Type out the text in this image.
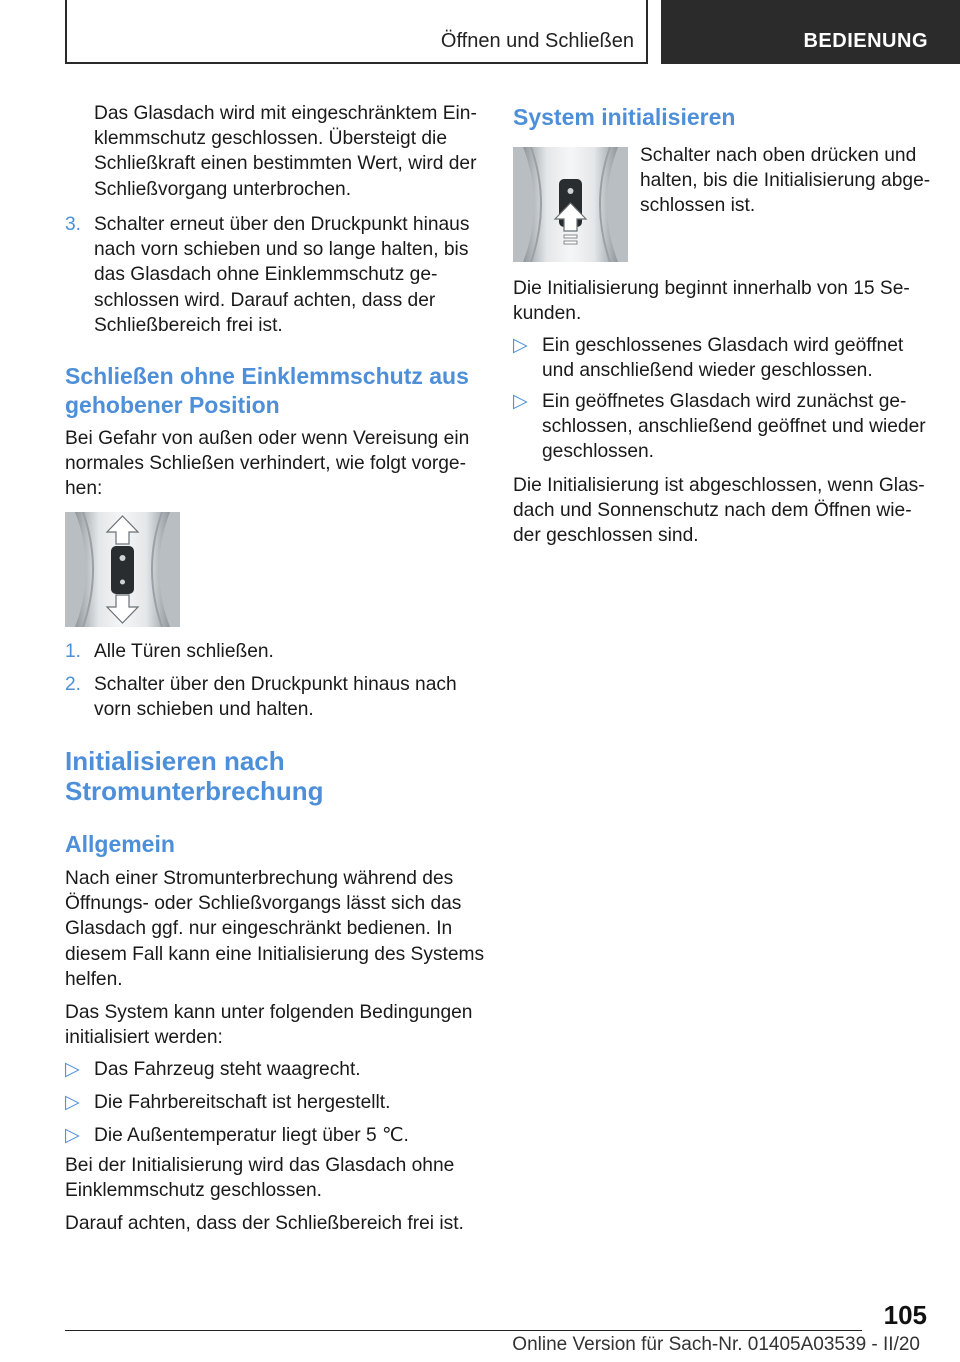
Öffnen und Schließen	BEDIENUNG
Das Glasdach wird mit eingeschränktem Ein-
klemmschutz geschlossen. Übersteigt die
Schließkraft einen bestimmten Wert, wird der
Schließvorgang unterbrochen.
3. Schalter erneut über den Druckpunkt hinaus
nach vorn schieben und so lange halten, bis
das Glasdach ohne Einklemmschutz ge-
schlossen wird. Darauf achten, dass der
Schließbereich frei ist.
Schließen ohne Einklemmschutz aus
gehobener Position
Bei Gefahr von außen oder wenn Vereisung ein
normales Schließen verhindert, wie folgt vorge-
hen:
1. Alle Türen schließen.
2. Schalter über den Druckpunkt hinaus nach
vorn schieben und halten.
Initialisieren nach
Stromunterbrechung
Allgemein
Nach einer Stromunterbrechung während des
Öffnungs- oder Schließvorgangs lässt sich das
Glasdach ggf. nur eingeschränkt bedienen. In
diesem Fall kann eine Initialisierung des Systems
helfen.
Das System kann unter folgenden Bedingungen
initialisiert werden:
▷ Das Fahrzeug steht waagrecht.
▷ Die Fahrbereitschaft ist hergestellt.
▷ Die Außentemperatur liegt über 5 ℃.
Bei der Initialisierung wird das Glasdach ohne
Einklemmschutz geschlossen.
Darauf achten, dass der Schließbereich frei ist.
System initialisieren
Schalter nach oben drücken und
halten, bis die Initialisierung abge-
schlossen ist.
Die Initialisierung beginnt innerhalb von 15 Se-
kunden.
▷ Ein geschlossenes Glasdach wird geöffnet
und anschließend wieder geschlossen.
▷ Ein geöffnetes Glasdach wird zunächst ge-
schlossen, anschließend geöffnet und wieder
geschlossen.
Die Initialisierung ist abgeschlossen, wenn Glas-
dach und Sonnenschutz nach dem Öffnen wie-
der geschlossen sind.
105
Online Version für Sach-Nr. 01405A03539 - II/20
